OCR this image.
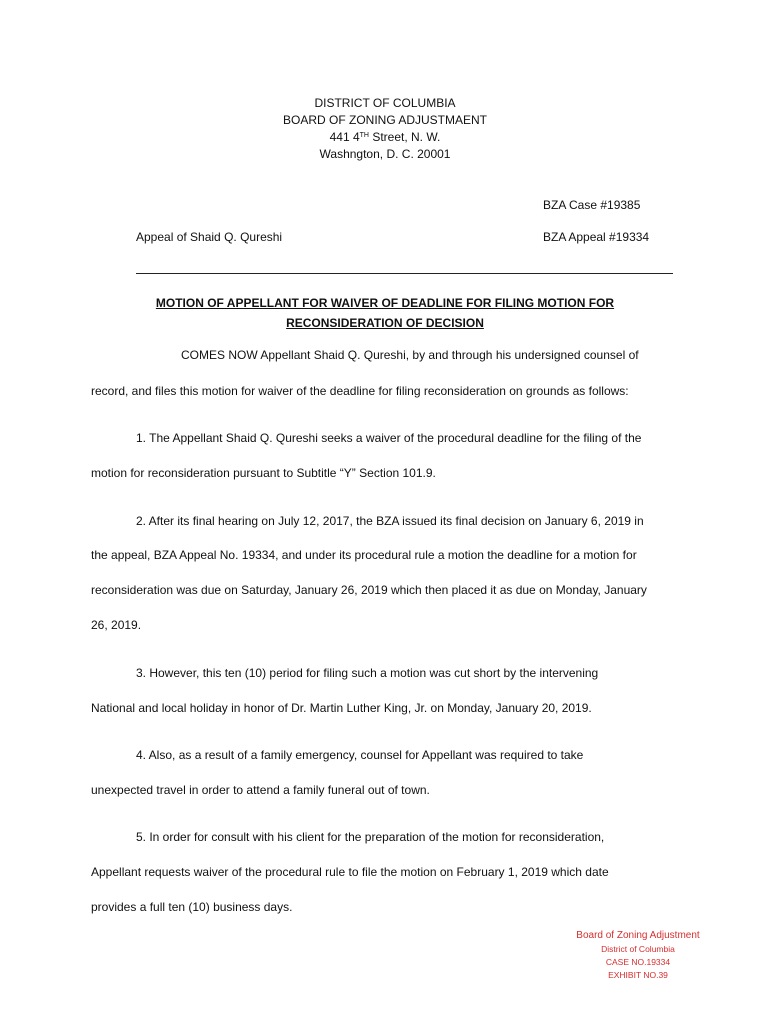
DISTRICT OF COLUMBIA
BOARD OF ZONING ADJUSTMAENT
441 4TH Street, N. W.
Washngton, D. C. 20001
BZA Case #19385
Appeal of Shaid Q. Qureshi	BZA Appeal #19334
MOTION OF APPELLANT FOR WAIVER OF DEADLINE FOR FILING MOTION FOR
RECONSIDERATION OF DECISION
COMES NOW Appellant Shaid Q. Qureshi, by and through his undersigned counsel of
record, and files this motion for waiver of the deadline for filing reconsideration on grounds as follows:
1. The Appellant Shaid Q. Qureshi seeks a waiver of the procedural deadline for the filing of the
motion for reconsideration pursuant to Subtitle “Y” Section 101.9.
2. After its final hearing on July 12, 2017, the BZA issued its final decision on January 6, 2019 in
the appeal, BZA Appeal No. 19334, and under its procedural rule a motion the deadline for a motion for
reconsideration was due on Saturday, January 26, 2019 which then placed it as due on Monday, January
26, 2019.
3. However, this ten (10) period for filing such a motion was cut short by the intervening
National and local holiday in honor of Dr. Martin Luther King, Jr. on Monday, January 20, 2019.
4. Also, as a result of a family emergency, counsel for Appellant was required to take
unexpected travel in order to attend a family funeral out of town.
5. In order for consult with his client for the preparation of the motion for reconsideration,
Appellant requests waiver of the procedural rule to file the motion on February 1, 2019 which date
provides a full ten (10) business days.
Board of Zoning Adjustment
District of Columbia
CASE NO.19334
EXHIBIT NO.39
